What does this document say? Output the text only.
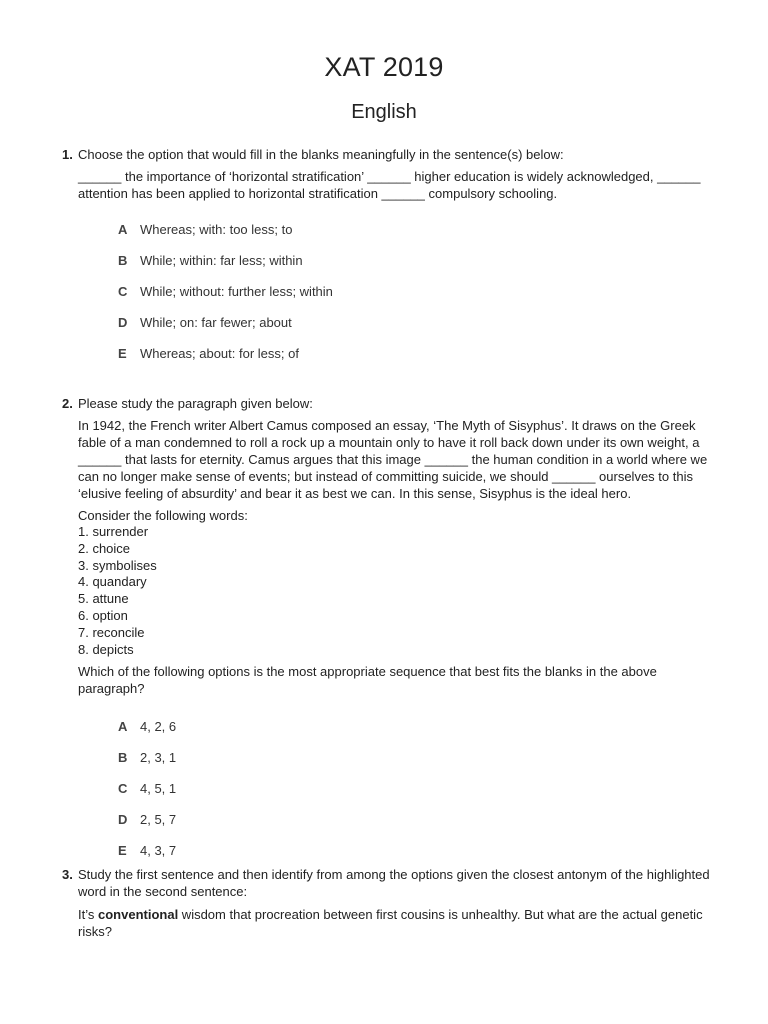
XAT 2019
English
1. Choose the option that would fill in the blanks meaningfully in the sentence(s) below:
______ the importance of ‘horizontal stratification’ ______ higher education is widely acknowledged, ______ attention has been applied to horizontal stratification ______ compulsory schooling.
A Whereas; with: too less; to
B While; within: far less; within
C While; without: further less; within
D While; on: far fewer; about
E Whereas; about: for less; of
2. Please study the paragraph given below:
In 1942, the French writer Albert Camus composed an essay, ‘The Myth of Sisyphus’. It draws on the Greek fable of a man condemned to roll a rock up a mountain only to have it roll back down under its own weight, a ______ that lasts for eternity. Camus argues that this image ______ the human condition in a world where we can no longer make sense of events; but instead of committing suicide, we should ______ ourselves to this ‘elusive feeling of absurdity’ and bear it as best we can. In this sense, Sisyphus is the ideal hero.
Consider the following words:
1. surrender
2. choice
3. symbolises
4. quandary
5. attune
6. option
7. reconcile
8. depicts
Which of the following options is the most appropriate sequence that best fits the blanks in the above paragraph?
A 4, 2, 6
B 2, 3, 1
C 4, 5, 1
D 2, 5, 7
E 4, 3, 7
3. Study the first sentence and then identify from among the options given the closest antonym of the highlighted word in the second sentence:
It’s conventional wisdom that procreation between first cousins is unhealthy. But what are the actual genetic risks?
